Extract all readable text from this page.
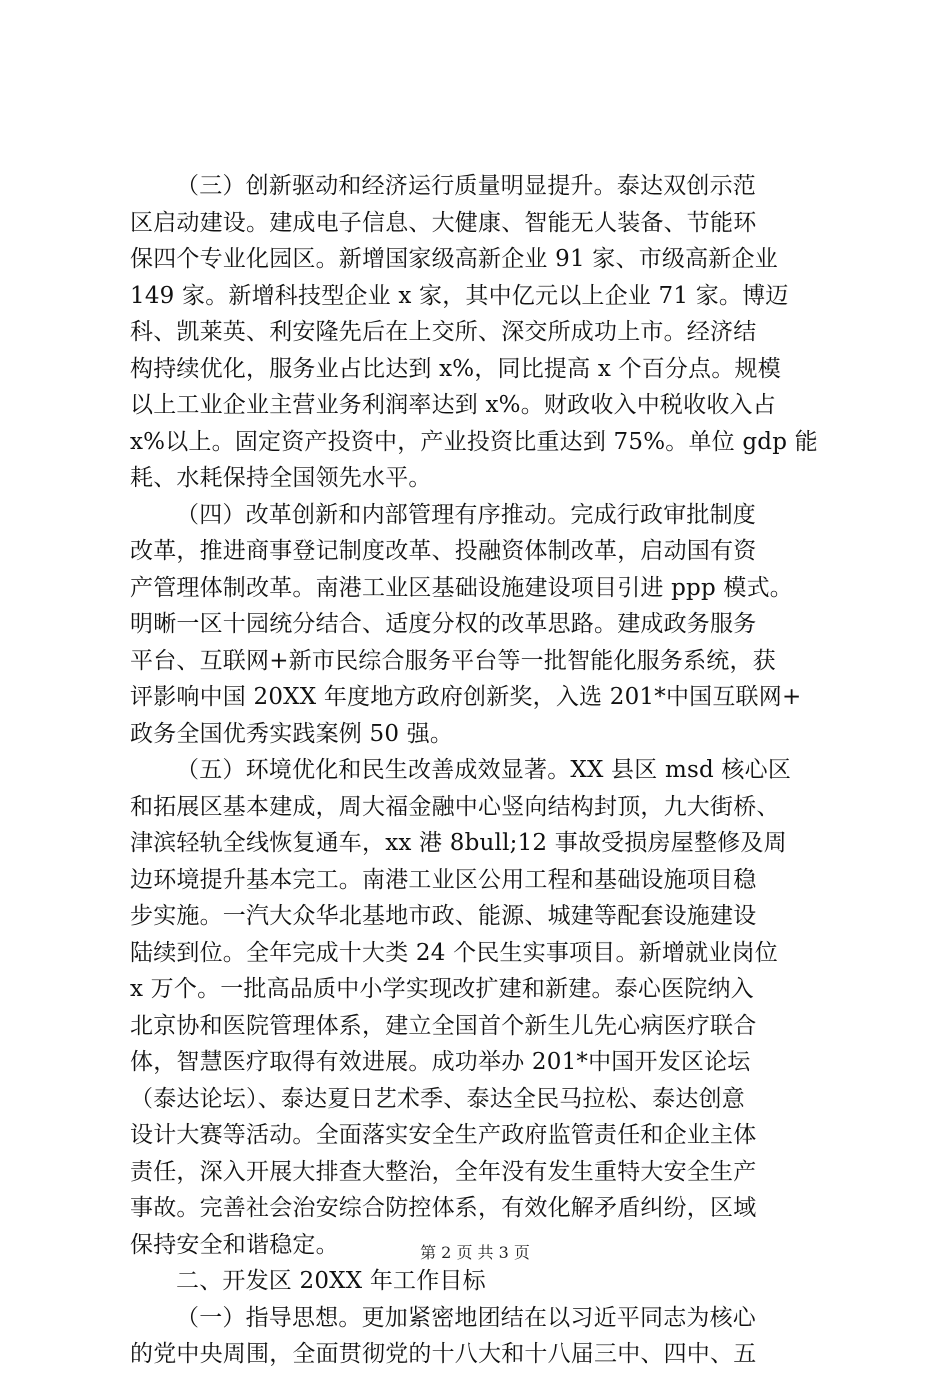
（三）创新驱动和经济运行质量明显提升。泰达双创示范
区启动建设。建成电子信息、大健康、智能无人装备、节能环
保四个专业化园区。新增国家级高新企业 91 家、市级高新企业
149 家。新增科技型企业 x 家，其中亿元以上企业 71 家。博迈
科、凯莱英、利安隆先后在上交所、深交所成功上市。经济结
构持续优化，服务业占比达到 x%，同比提高 x 个百分点。规模
以上工业企业主营业务利润率达到 x%。财政收入中税收收入占
x%以上。固定资产投资中，产业投资比重达到 75%。单位 gdp 能
耗、水耗保持全国领先水平。
（四）改革创新和内部管理有序推动。完成行政审批制度
改革，推进商事登记制度改革、投融资体制改革，启动国有资
产管理体制改革。南港工业区基础设施建设项目引进 ppp 模式。
明晰一区十园统分结合、适度分权的改革思路。建成政务服务
平台、互联网+新市民综合服务平台等一批智能化服务系统，获
评影响中国 20XX 年度地方政府创新奖，入选 201*中国互联网+
政务全国优秀实践案例 50 强。
（五）环境优化和民生改善成效显著。XX 县区 msd 核心区
和拓展区基本建成，周大福金融中心竖向结构封顶，九大街桥、
津滨轻轨全线恢复通车，xx 港 8bull;12 事故受损房屋整修及周
边环境提升基本完工。南港工业区公用工程和基础设施项目稳
步实施。一汽大众华北基地市政、能源、城建等配套设施建设
陆续到位。全年完成十大类 24 个民生实事项目。新增就业岗位
x 万个。一批高品质中小学实现改扩建和新建。泰心医院纳入
北京协和医院管理体系，建立全国首个新生儿先心病医疗联合
体，智慧医疗取得有效进展。成功举办 201*中国开发区论坛
（泰达论坛）、泰达夏日艺术季、泰达全民马拉松、泰达创意
设计大赛等活动。全面落实安全生产政府监管责任和企业主体
责任，深入开展大排查大整治，全年没有发生重特大安全生产
事故。完善社会治安综合防控体系，有效化解矛盾纠纷，区域
保持安全和谐稳定。
二、开发区 20XX 年工作目标
（一）指导思想。更加紧密地团结在以习近平同志为核心
的党中央周围，全面贯彻党的十八大和十八届三中、四中、五
第 2 页 共 3 页
